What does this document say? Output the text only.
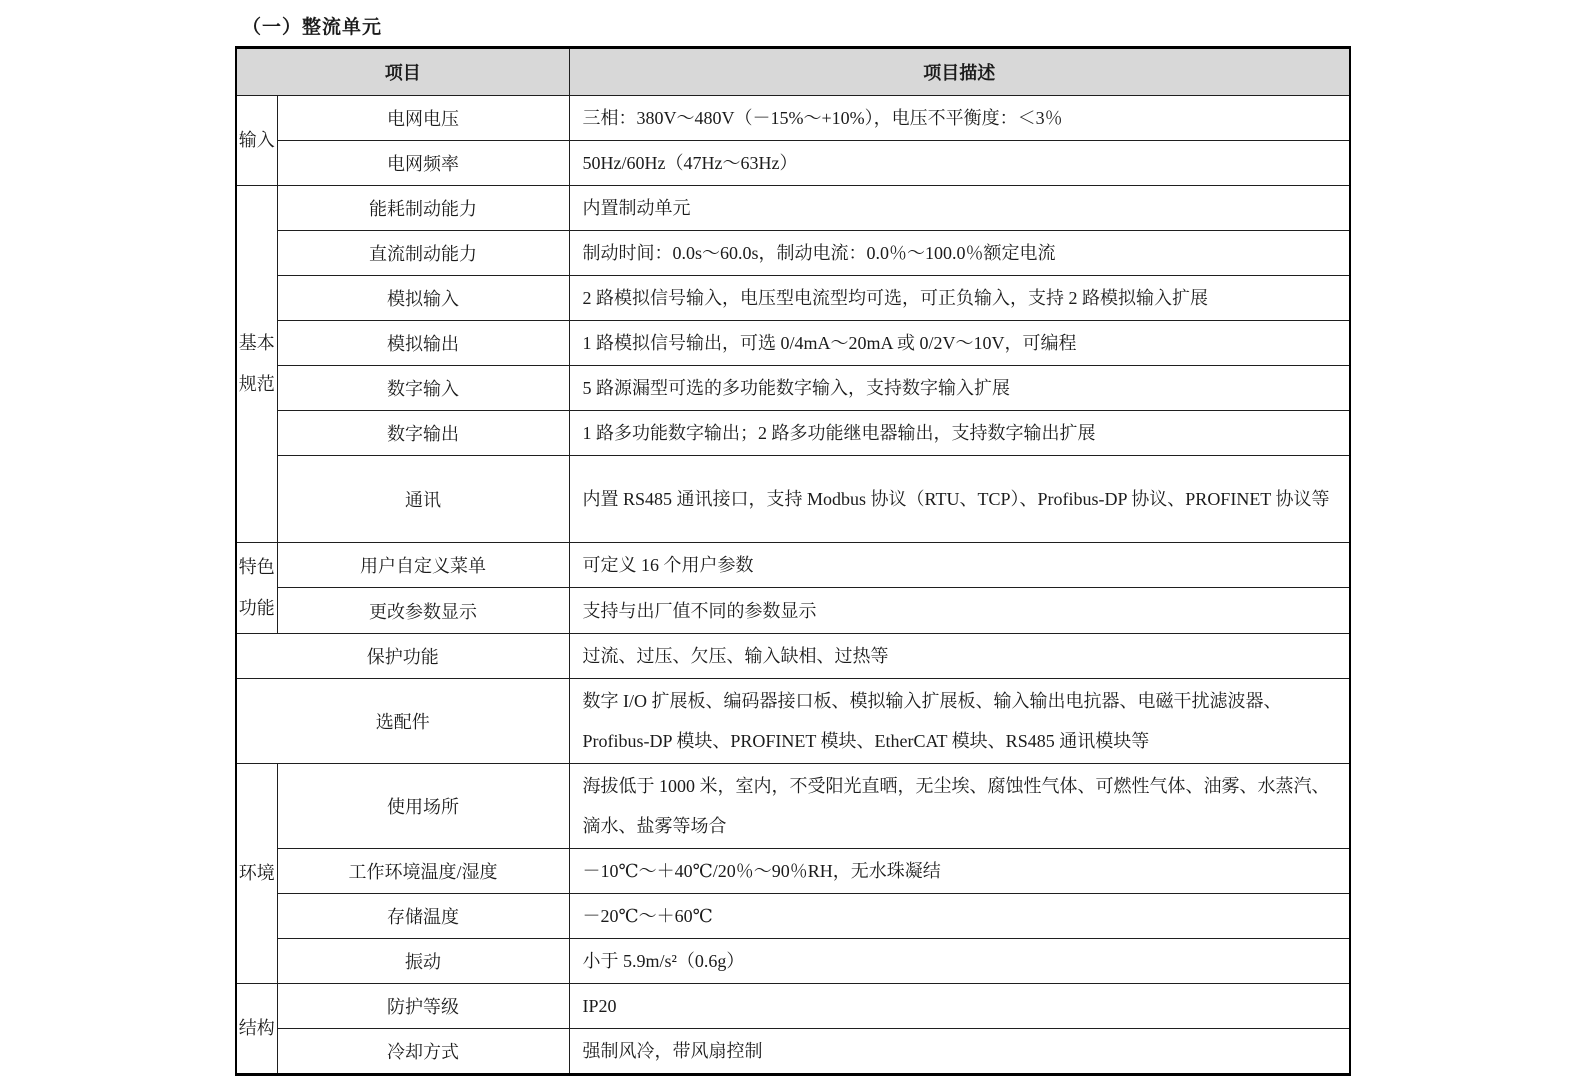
（一）整流单元
项目		项目描述
输入	电网电压	三相：380V～480V（－15%～+10%），电压不平衡度：＜3％
	电网频率	50Hz/60Hz（47Hz～63Hz）
基本规范	能耗制动能力	内置制动单元
	直流制动能力	制动时间：0.0s～60.0s，制动电流：0.0％～100.0％额定电流
	模拟输入	2 路模拟信号输入，电压型电流型均可选，可正负输入，支持 2 路模拟输入扩展
	模拟输出	1 路模拟信号输出，可选 0/4mA～20mA 或 0/2V～10V，可编程
	数字输入	5 路源漏型可选的多功能数字输入，支持数字输入扩展
	数字输出	1 路多功能数字输出；2 路多功能继电器输出，支持数字输出扩展
	通讯	内置 RS485 通讯接口，支持 Modbus 协议（RTU、TCP）、Profibus-DP 协议、PROFINET 协议等
特色功能	用户自定义菜单	可定义 16 个用户参数
	更改参数显示	支持与出厂值不同的参数显示
保护功能		过流、过压、欠压、输入缺相、过热等
选配件		数字 I/O 扩展板、编码器接口板、模拟输入扩展板、输入输出电抗器、电磁干扰滤波器、Profibus-DP 模块、PROFINET 模块、EtherCAT 模块、RS485 通讯模块等
环境	使用场所	海拔低于 1000 米，室内，不受阳光直晒，无尘埃、腐蚀性气体、可燃性气体、油雾、水蒸汽、滴水、盐雾等场合
	工作环境温度/湿度	－10℃～＋40℃/20％～90％RH，无水珠凝结
	存储温度	－20℃～＋60℃
	振动	小于 5.9m/s²（0.6g）
结构	防护等级	IP20
	冷却方式	强制风冷，带风扇控制
